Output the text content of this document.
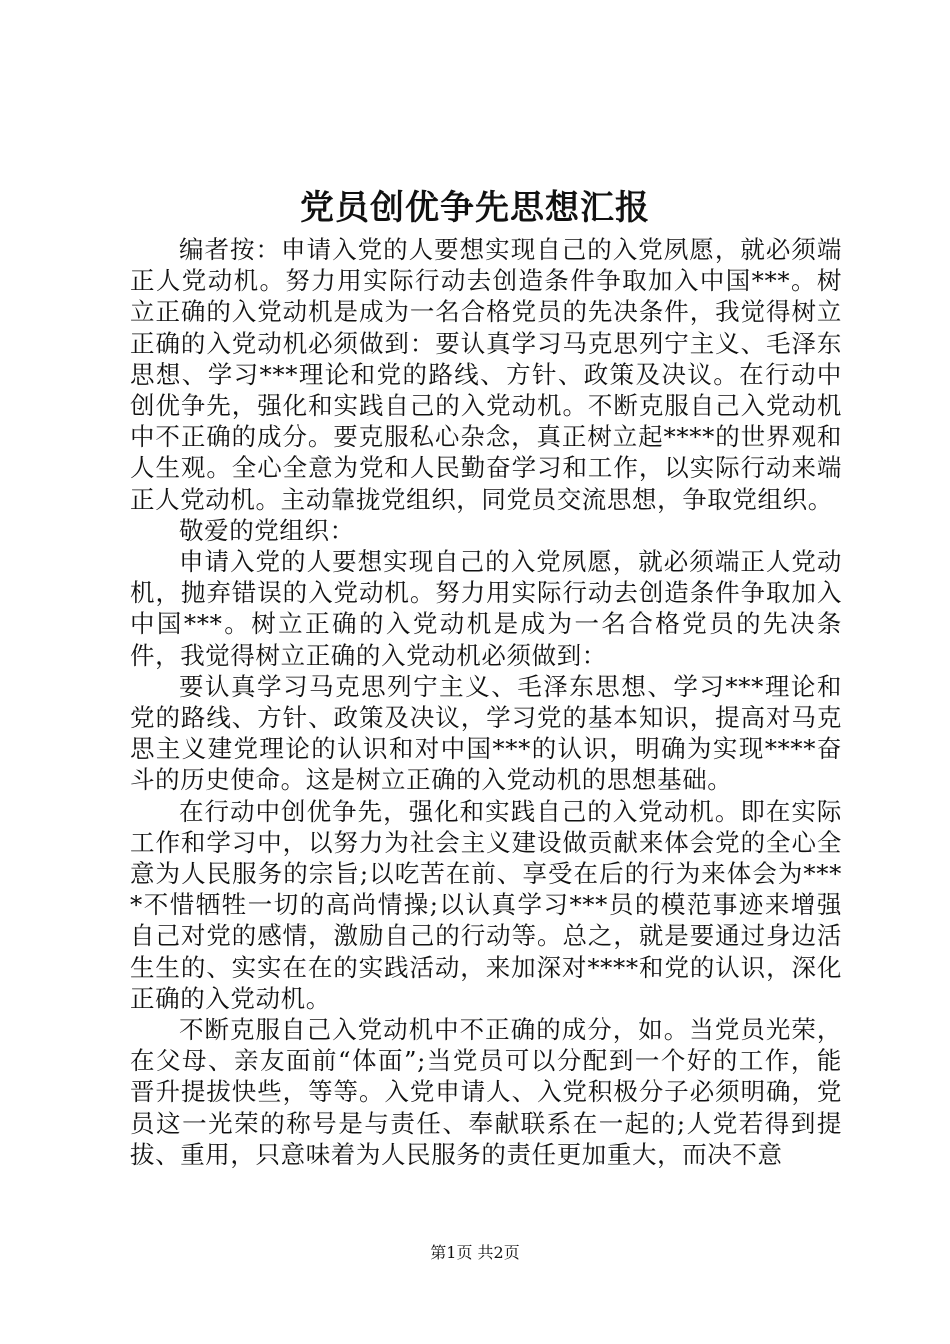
党员创优争先思想汇报

编者按：申请入党的人要想实现自己的入党夙愿，就必须端正人党动机。努力用实际行动去创造条件争取加入中国***。树立正确的入党动机是成为一名合格党员的先决条件，我觉得树立正确的入党动机必须做到：要认真学习马克思列宁主义、毛泽东思想、学习***理论和党的路线、方针、政策及决议。在行动中创优争先，强化和实践自己的入党动机。不断克服自己入党动机中不正确的成分。要克服私心杂念，真正树立起****的世界观和人生观。全心全意为党和人民勤奋学习和工作，以实际行动来端正人党动机。主动靠拢党组织，同党员交流思想，争取党组织。

敬爱的党组织：

申请入党的人要想实现自己的入党夙愿，就必须端正人党动机，抛弃错误的入党动机。努力用实际行动去创造条件争取加入中国***。树立正确的入党动机是成为一名合格党员的先决条件，我觉得树立正确的入党动机必须做到：

要认真学习马克思列宁主义、毛泽东思想、学习***理论和党的路线、方针、政策及决议，学习党的基本知识，提高对马克思主义建党理论的认识和对中国***的认识，明确为实现****奋斗的历史使命。这是树立正确的入党动机的思想基础。

在行动中创优争先，强化和实践自己的入党动机。即在实际工作和学习中，以努力为社会主义建设做贡献来体会党的全心全意为人民服务的宗旨;以吃苦在前、享受在后的行为来体会为****不惜牺牲一切的高尚情操;以认真学习***员的模范事迹来增强自己对党的感情，激励自己的行动等。总之，就是要通过身边活生生的、实实在在的实践活动，来加深对****和党的认识，深化正确的入党动机。

不断克服自己入党动机中不正确的成分，如。当党员光荣，在父母、亲友面前“体面”;当党员可以分配到一个好的工作，能晋升提拔快些，等等。入党申请人、入党积极分子必须明确，党员这一光荣的称号是与责任、奉献联系在一起的;人党若得到提拔、重用，只意味着为人民服务的责任更加重大，而决不意

第1页 共2页
